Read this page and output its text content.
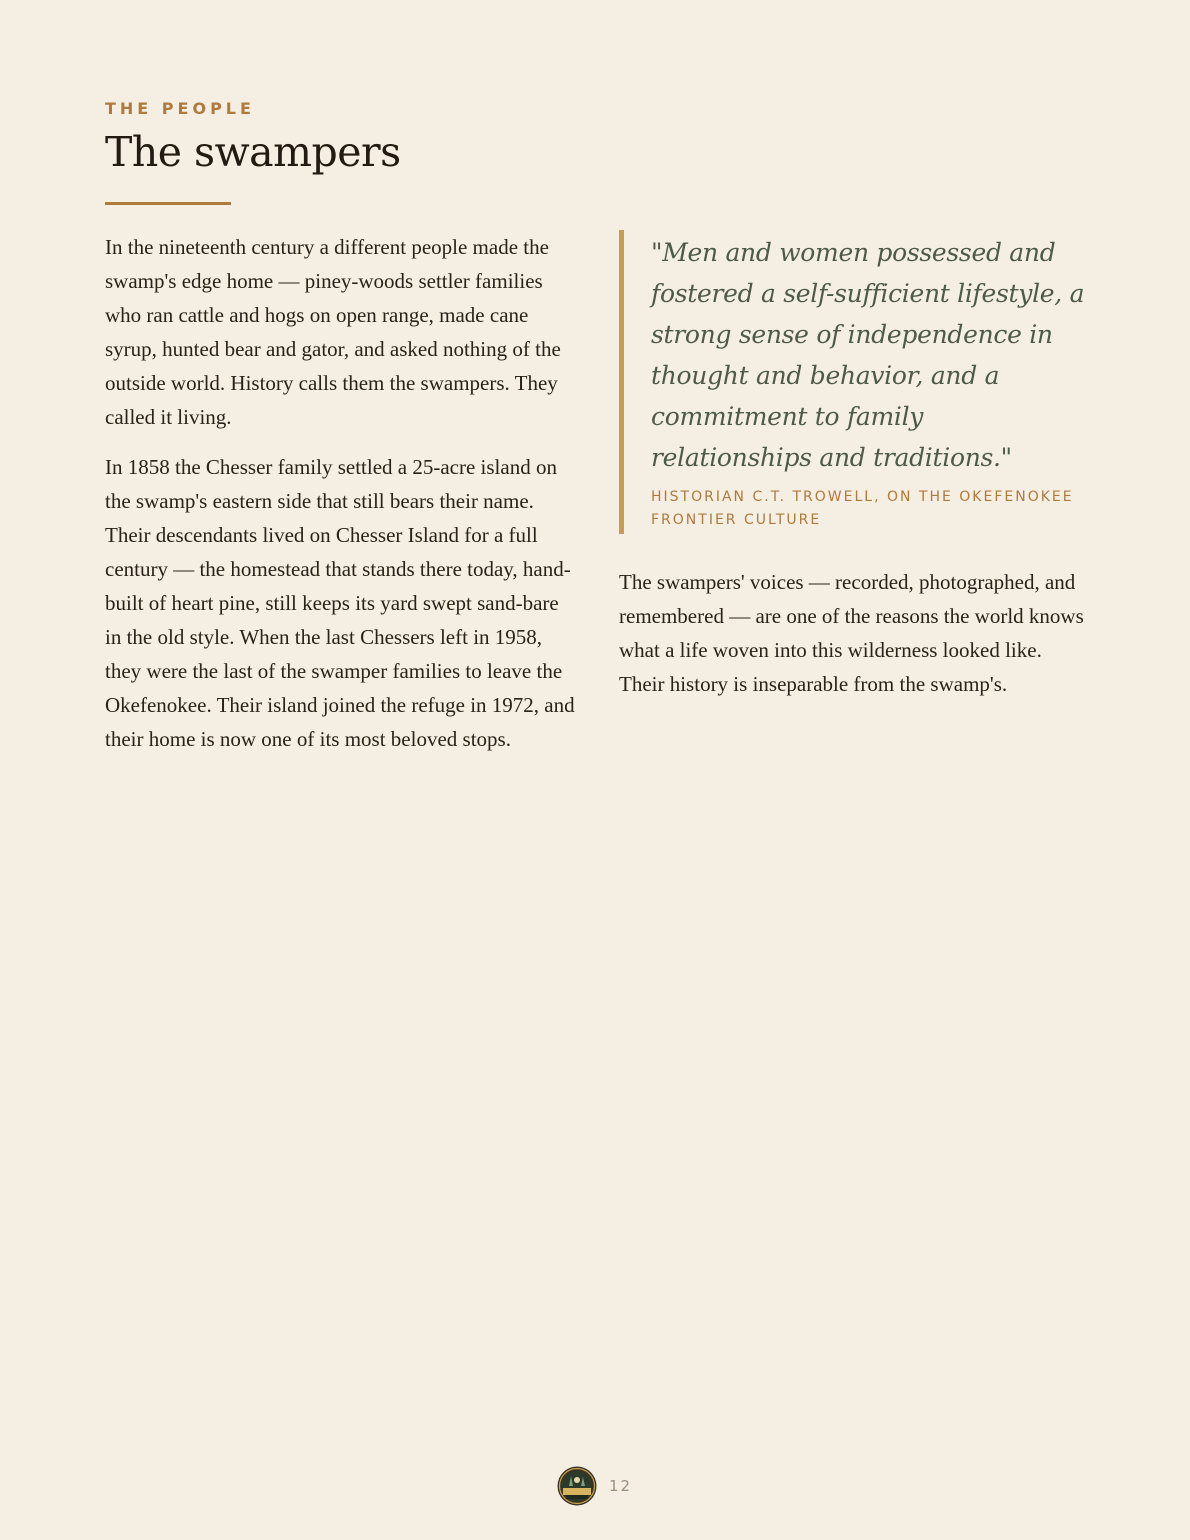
THE PEOPLE

The swampers

In the nineteenth century a different people made the swamp's edge home — piney-woods settler families who ran cattle and hogs on open range, made cane syrup, hunted bear and gator, and asked nothing of the outside world. History calls them the swampers. They called it living.

In 1858 the Chesser family settled a 25-acre island on the swamp's eastern side that still bears their name. Their descendants lived on Chesser Island for a full century — the homestead that stands there today, hand-built of heart pine, still keeps its yard swept sand-bare in the old style. When the last Chessers left in 1958, they were the last of the swamper families to leave the Okefenokee. Their island joined the refuge in 1972, and their home is now one of its most beloved stops.

"Men and women possessed and fostered a self-sufficient lifestyle, a strong sense of independence in thought and behavior, and a commitment to family relationships and traditions."

HISTORIAN C.T. TROWELL, ON THE OKEFENOKEE FRONTIER CULTURE

The swampers' voices — recorded, photographed, and remembered — are one of the reasons the world knows what a life woven into this wilderness looked like. Their history is inseparable from the swamp's.

12
